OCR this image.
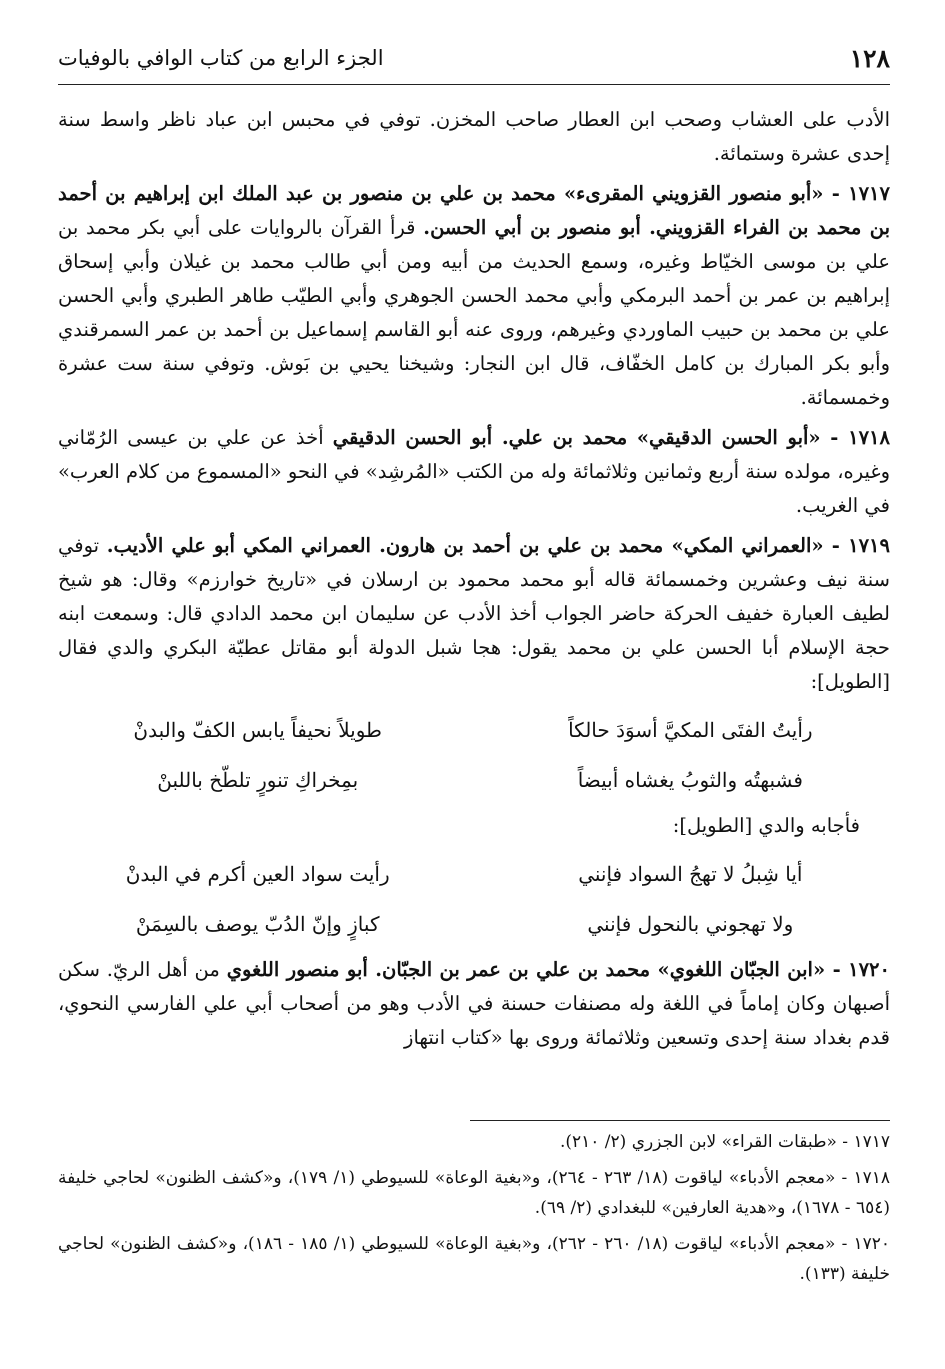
١٢٨
الجزء الرابع من كتاب الوافي بالوفيات

الأدب على العشاب وصحب ابن العطار صاحب المخزن. توفي في محبس ابن عباد ناظر واسط سنة إحدى عشرة وستمائة.

١٧١٧ - «أبو منصور القزويني المقرىء» محمد بن علي بن منصور بن عبد الملك ابن إبراهيم بن أحمد بن محمد بن الفراء القزويني. أبو منصور بن أبي الحسن. قرأ القرآن بالروايات على أبي بكر محمد بن علي بن موسى الخيّاط وغيره، وسمع الحديث من أبيه ومن أبي طالب محمد بن غيلان وأبي إسحاق إبراهيم بن عمر بن أحمد البرمكي وأبي محمد الحسن الجوهري وأبي الطيّب طاهر الطبري وأبي الحسن علي بن محمد بن حبيب الماوردي وغيرهم، وروى عنه أبو القاسم إسماعيل بن أحمد بن عمر السمرقندي وأبو بكر المبارك بن كامل الخفّاف، قال ابن النجار: وشيخنا يحيي بن بَوش. وتوفي سنة ست عشرة وخمسمائة.

١٧١٨ - «أبو الحسن الدقيقي» محمد بن علي. أبو الحسن الدقيقي أخذ عن علي بن عيسى الرُمّاني وغيره، مولده سنة أربع وثمانين وثلاثمائة وله من الكتب «المُرشِد» في النحو «المسموع من كلام العرب» في الغريب.

١٧١٩ - «العمراني المكي» محمد بن علي بن أحمد بن هارون. العمراني المكي أبو علي الأديب. توفي سنة نيف وعشرين وخمسمائة قاله أبو محمد محمود بن ارسلان في «تاريخ خوارزم» وقال: هو شيخ لطيف العبارة خفيف الحركة حاضر الجواب أخذ الأدب عن سليمان ابن محمد الدادي قال: وسمعت ابنه حجة الإسلام أبا الحسن علي بن محمد يقول: هجا شبل الدولة أبو مقاتل عطيّة البكري والدي فقال [الطويل]:

رأيتُ الفتَى المكيَّ أسوَدَ حالكاً
طويلاً نحيفاً يابس الكفّ والبدنْ
فشبهتُه والثوبُ يغشاه أبيضاً
بمِخراكِ تنورٍ تلطّخ باللبنْ
فأجابه والدي [الطويل]:
أيا شِبلُ لا تهجُ السواد فإنني
رأيت سواد العين أكرم في البدنْ
ولا تهجوني بالنحول فإنني
كبازٍ وإنّ الدُبّ يوصف بالسِمَنْ

١٧٢٠ - «ابن الجبّان اللغوي» محمد بن علي بن عمر بن الجبّان. أبو منصور اللغوي من أهل الريّ. سكن أصبهان وكان إماماً في اللغة وله مصنفات حسنة في الأدب وهو من أصحاب أبي علي الفارسي النحوي، قدم بغداد سنة إحدى وتسعين وثلاثمائة وروى بها «كتاب انتهاز

١٧١٧ - «طبقات القراء» لابن الجزري (٢/ ٢١٠).
١٧١٨ - «معجم الأدباء» لياقوت (١٨/ ٢٦٣ - ٢٦٤)، و«بغية الوعاة» للسيوطي (١/ ١٧٩)، و«كشف الظنون» لحاجي خليفة (٦٥٤ - ١٦٧٨)، و«هدية العارفين» للبغدادي (٢/ ٦٩).
١٧٢٠ - «معجم الأدباء» لياقوت (١٨/ ٢٦٠ - ٢٦٢)، و«بغية الوعاة» للسيوطي (١/ ١٨٥ - ١٨٦)، و«كشف الظنون» لحاجي خليفة (١٣٣).
